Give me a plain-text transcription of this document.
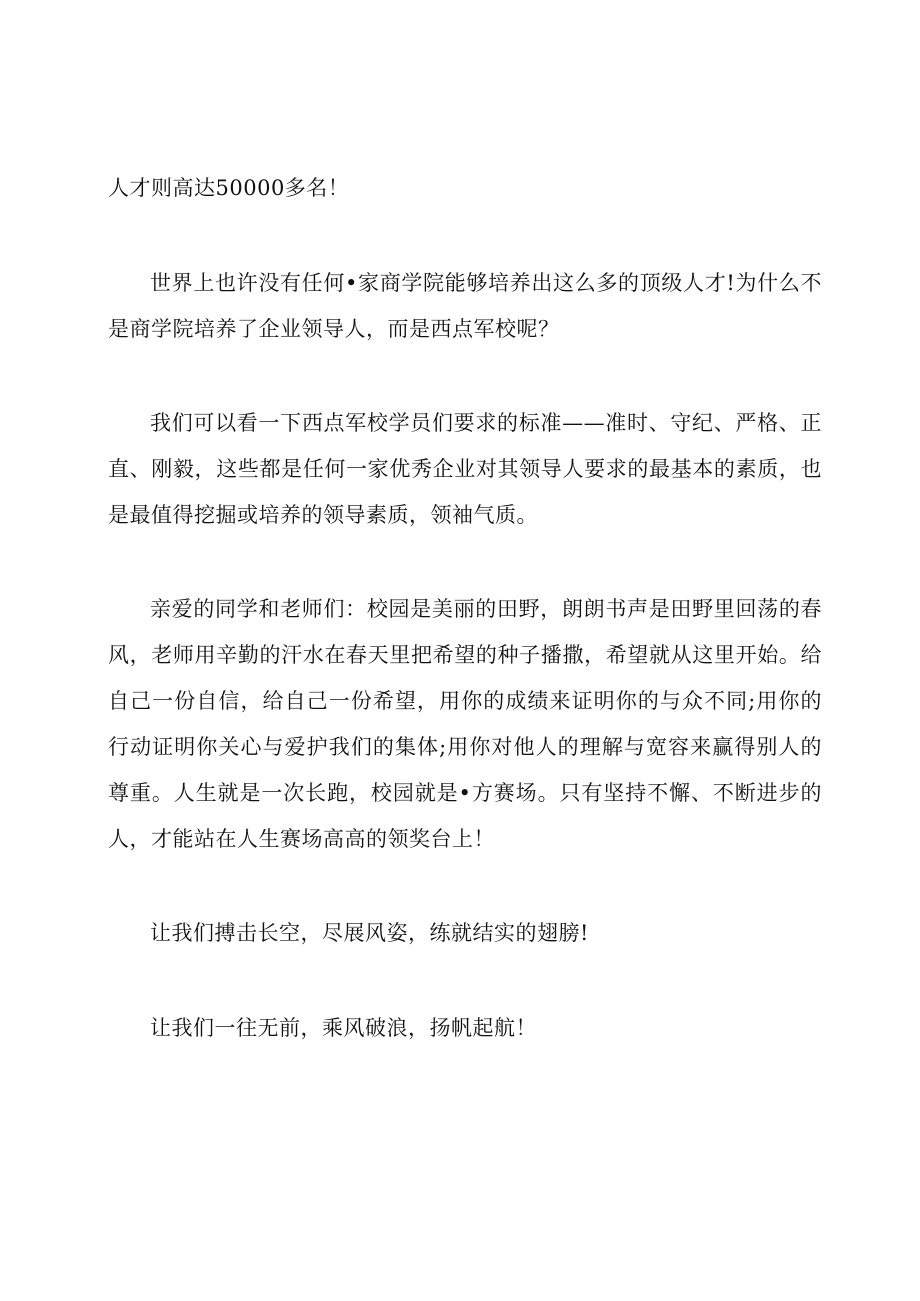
人才则高达50000多名！

世界上也许没有任何•家商学院能够培养出这么多的顶级人才!为什么不是商学院培养了企业领导人，而是西点军校呢？

我们可以看一下西点军校学员们要求的标准——准时、守纪、严格、正直、刚毅，这些都是任何一家优秀企业对其领导人要求的最基本的素质，也是最值得挖掘或培养的领导素质，领袖气质。

亲爱的同学和老师们：校园是美丽的田野，朗朗书声是田野里回荡的春风，老师用辛勤的汗水在春天里把希望的种子播撒，希望就从这里开始。给自己一份自信，给自己一份希望，用你的成绩来证明你的与众不同;用你的行动证明你关心与爱护我们的集体;用你对他人的理解与宽容来赢得别人的尊重。人生就是一次长跑，校园就是•方赛场。只有坚持不懈、不断进步的人，才能站在人生赛场高高的领奖台上！

让我们搏击长空，尽展风姿，练就结实的翅膀!

让我们一往无前，乘风破浪，扬帆起航！
